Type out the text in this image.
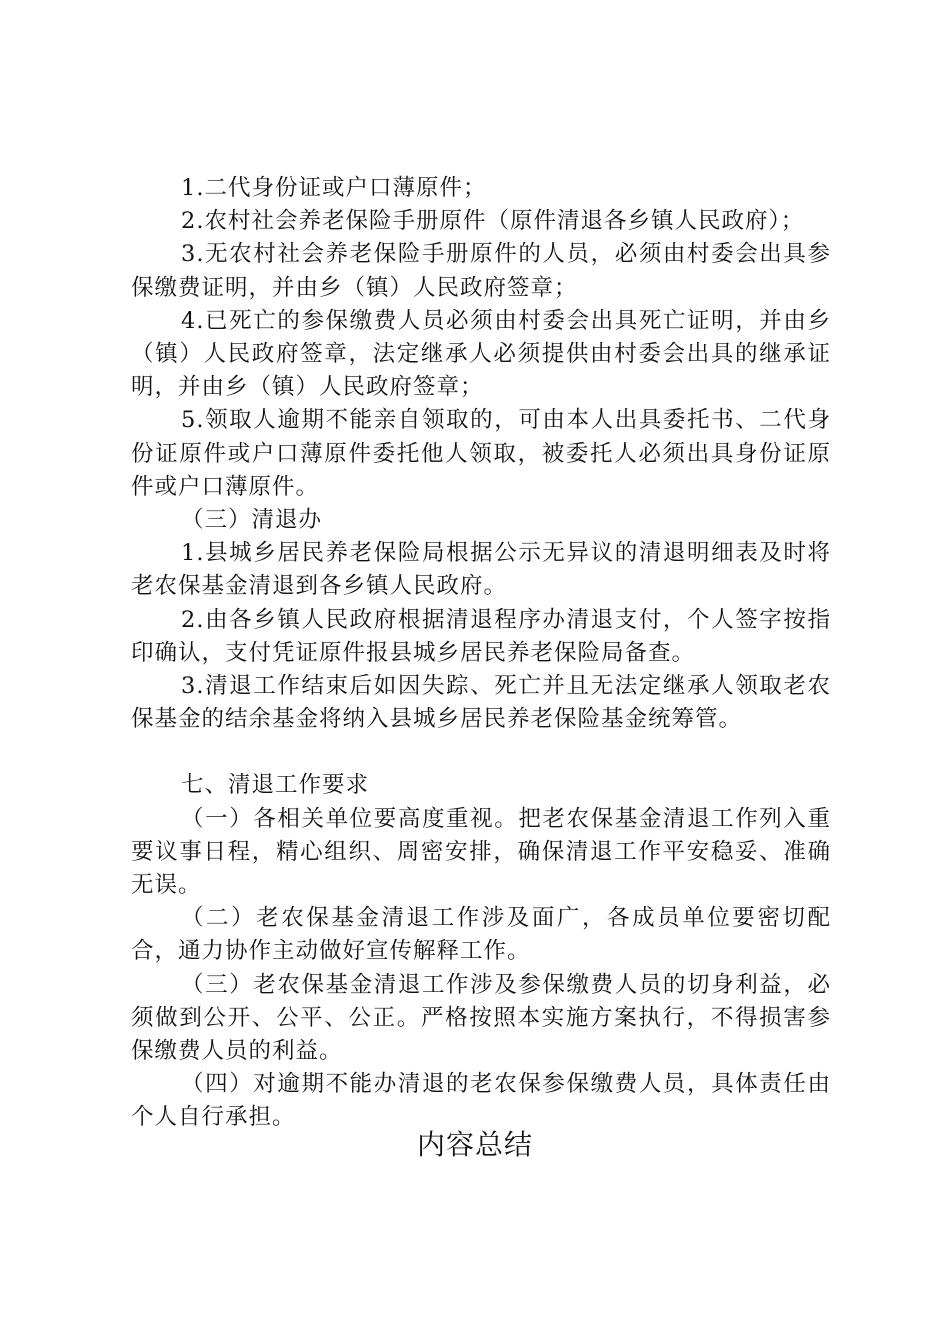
1.二代身份证或户口薄原件；

2.农村社会养老保险手册原件（原件清退各乡镇人民政府）；

3.无农村社会养老保险手册原件的人员，必须由村委会出具参保缴费证明，并由乡（镇）人民政府签章；

4.已死亡的参保缴费人员必须由村委会出具死亡证明，并由乡（镇）人民政府签章，法定继承人必须提供由村委会出具的继承证明，并由乡（镇）人民政府签章；

5.领取人逾期不能亲自领取的，可由本人出具委托书、二代身份证原件或户口薄原件委托他人领取，被委托人必须出具身份证原件或户口薄原件。

（三）清退办

1.县城乡居民养老保险局根据公示无异议的清退明细表及时将老农保基金清退到各乡镇人民政府。

2.由各乡镇人民政府根据清退程序办清退支付，个人签字按指印确认，支付凭证原件报县城乡居民养老保险局备查。

3.清退工作结束后如因失踪、死亡并且无法定继承人领取老农保基金的结余基金将纳入县城乡居民养老保险基金统筹管。

七、清退工作要求

（一）各相关单位要高度重视。把老农保基金清退工作列入重要议事日程，精心组织、周密安排，确保清退工作平安稳妥、准确无误。

（二）老农保基金清退工作涉及面广，各成员单位要密切配合，通力协作主动做好宣传解释工作。

（三）老农保基金清退工作涉及参保缴费人员的切身利益，必须做到公开、公平、公正。严格按照本实施方案执行，不得损害参保缴费人员的利益。

（四）对逾期不能办清退的老农保参保缴费人员，具体责任由个人自行承担。

内容总结
